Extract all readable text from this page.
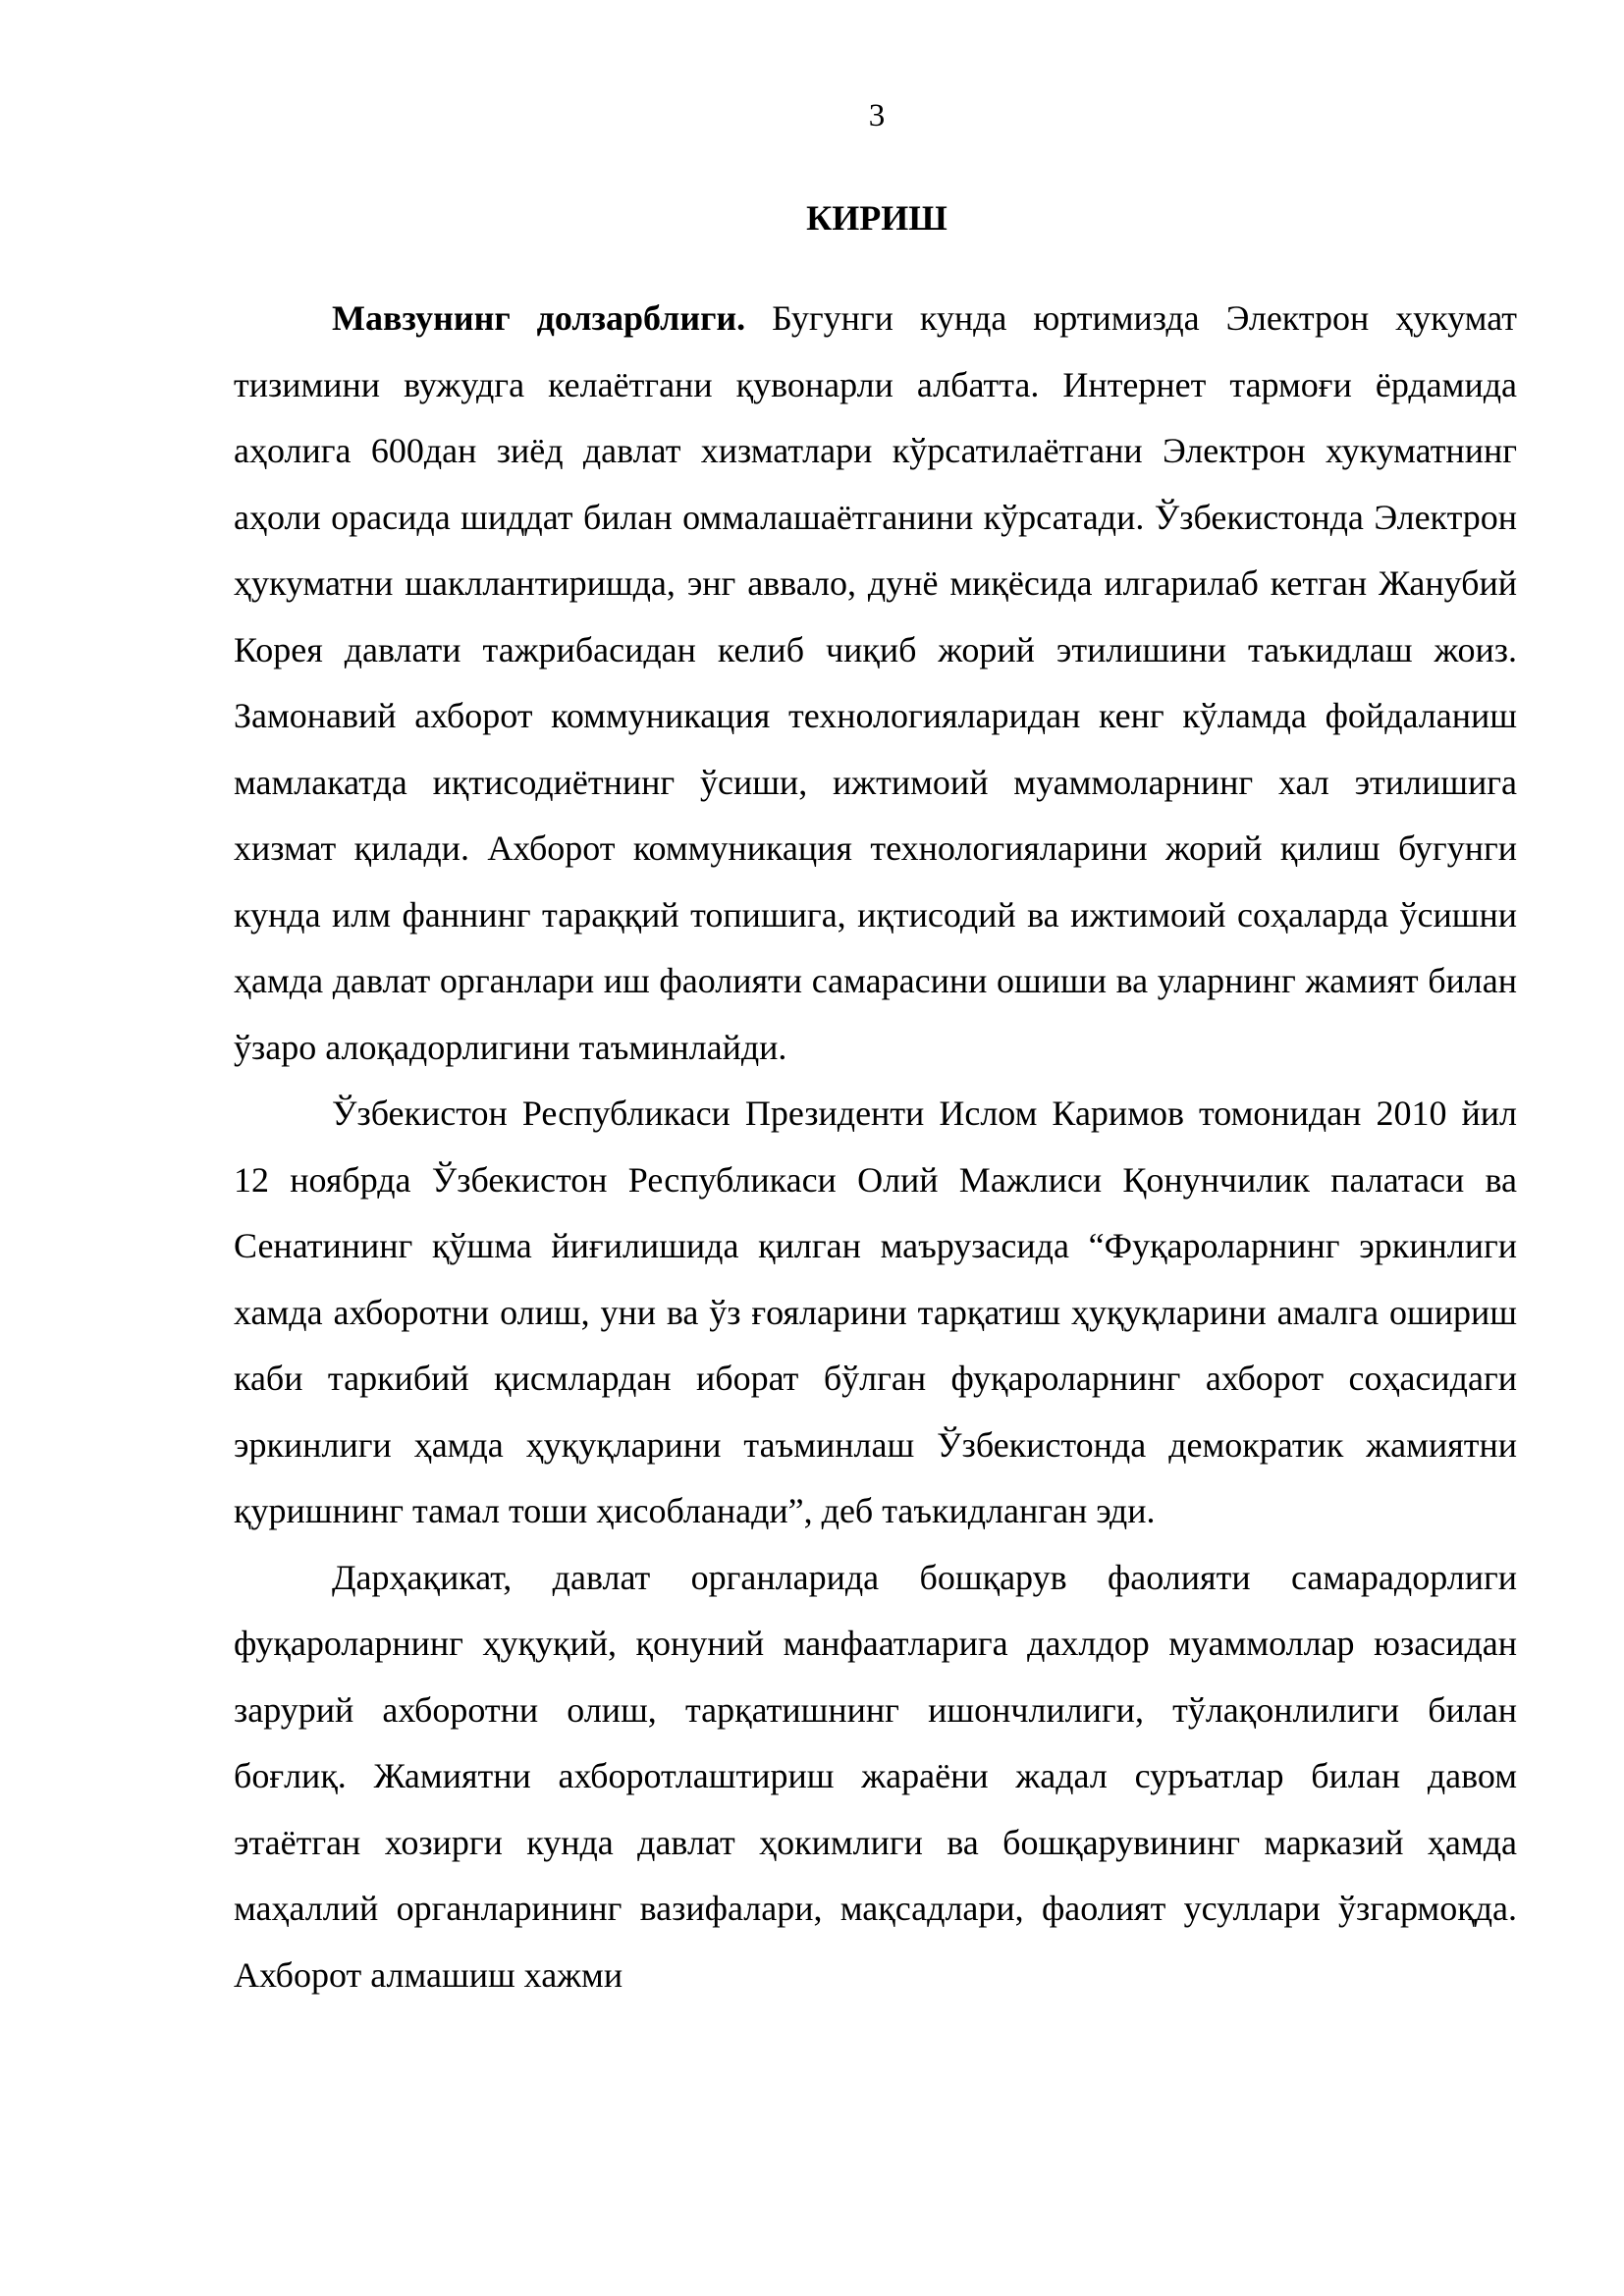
3
КИРИШ

Мавзунинг долзарблиги. Бугунги кунда юртимизда Электрон ҳукумат тизимини вужудга келаётгани қувонарли албатта. Интернет тармоғи ёрдамида аҳолига 600дан зиёд давлат хизматлари кўрсатилаётгани Электрон хукуматнинг аҳоли орасида шиддат билан оммалашаётганини кўрсатади. Ўзбекистонда Электрон ҳукуматни шакллантиришда, энг аввало, дунё миқёсида илгарилаб кетган Жанубий Корея давлати тажрибасидан келиб чиқиб жорий этилишини таъкидлаш жоиз. Замонавий ахборот коммуникация технологияларидан кенг кўламда фойдаланиш мамлакатда иқтисодиётнинг ўсиши, ижтимоий муаммоларнинг хал этилишига хизмат қилади. Ахборот коммуникация технологияларини жорий қилиш бугунги кунда илм фаннинг тараққий топишига, иқтисодий ва ижтимоий соҳаларда ўсишни ҳамда давлат органлари иш фаолияти самарасини ошиши ва уларнинг жамият билан ўзаро алоқадорлигини таъминлайди.

Ўзбекистон Республикаси Президенти Ислом Каримов томонидан 2010 йил 12 ноябрда Ўзбекистон Республикаси Олий Мажлиси Қонунчилик палатаси ва Сенатининг қўшма йиғилишида қилган маърузасида “Фуқароларнинг эркинлиги хамда ахборотни олиш, уни ва ўз ғояларини тарқатиш ҳуқуқларини амалга ошириш каби таркибий қисмлардан иборат бўлган фуқароларнинг ахборот соҳасидаги эркинлиги ҳамда ҳуқуқларини таъминлаш Ўзбекистонда демократик жамиятни қуришнинг тамал тоши ҳисобланади”, деб таъкидланган эди.

Дарҳақикат, давлат органларида бошқарув фаолияти самарадорлиги фуқароларнинг ҳуқуқий, қонуний манфаатларига дахлдор муаммоллар юзасидан зарурий ахборотни олиш, тарқатишнинг ишончлилиги, тўлақонлилиги билан боғлиқ. Жамиятни ахборотлаштириш жараёни жадал суръатлар билан давом этаётган хозирги кунда давлат ҳокимлиги ва бошқарувининг марказий ҳамда маҳаллий органларининг вазифалари, мақсадлари, фаолият усуллари ўзгармоқда. Ахборот алмашиш хажми
